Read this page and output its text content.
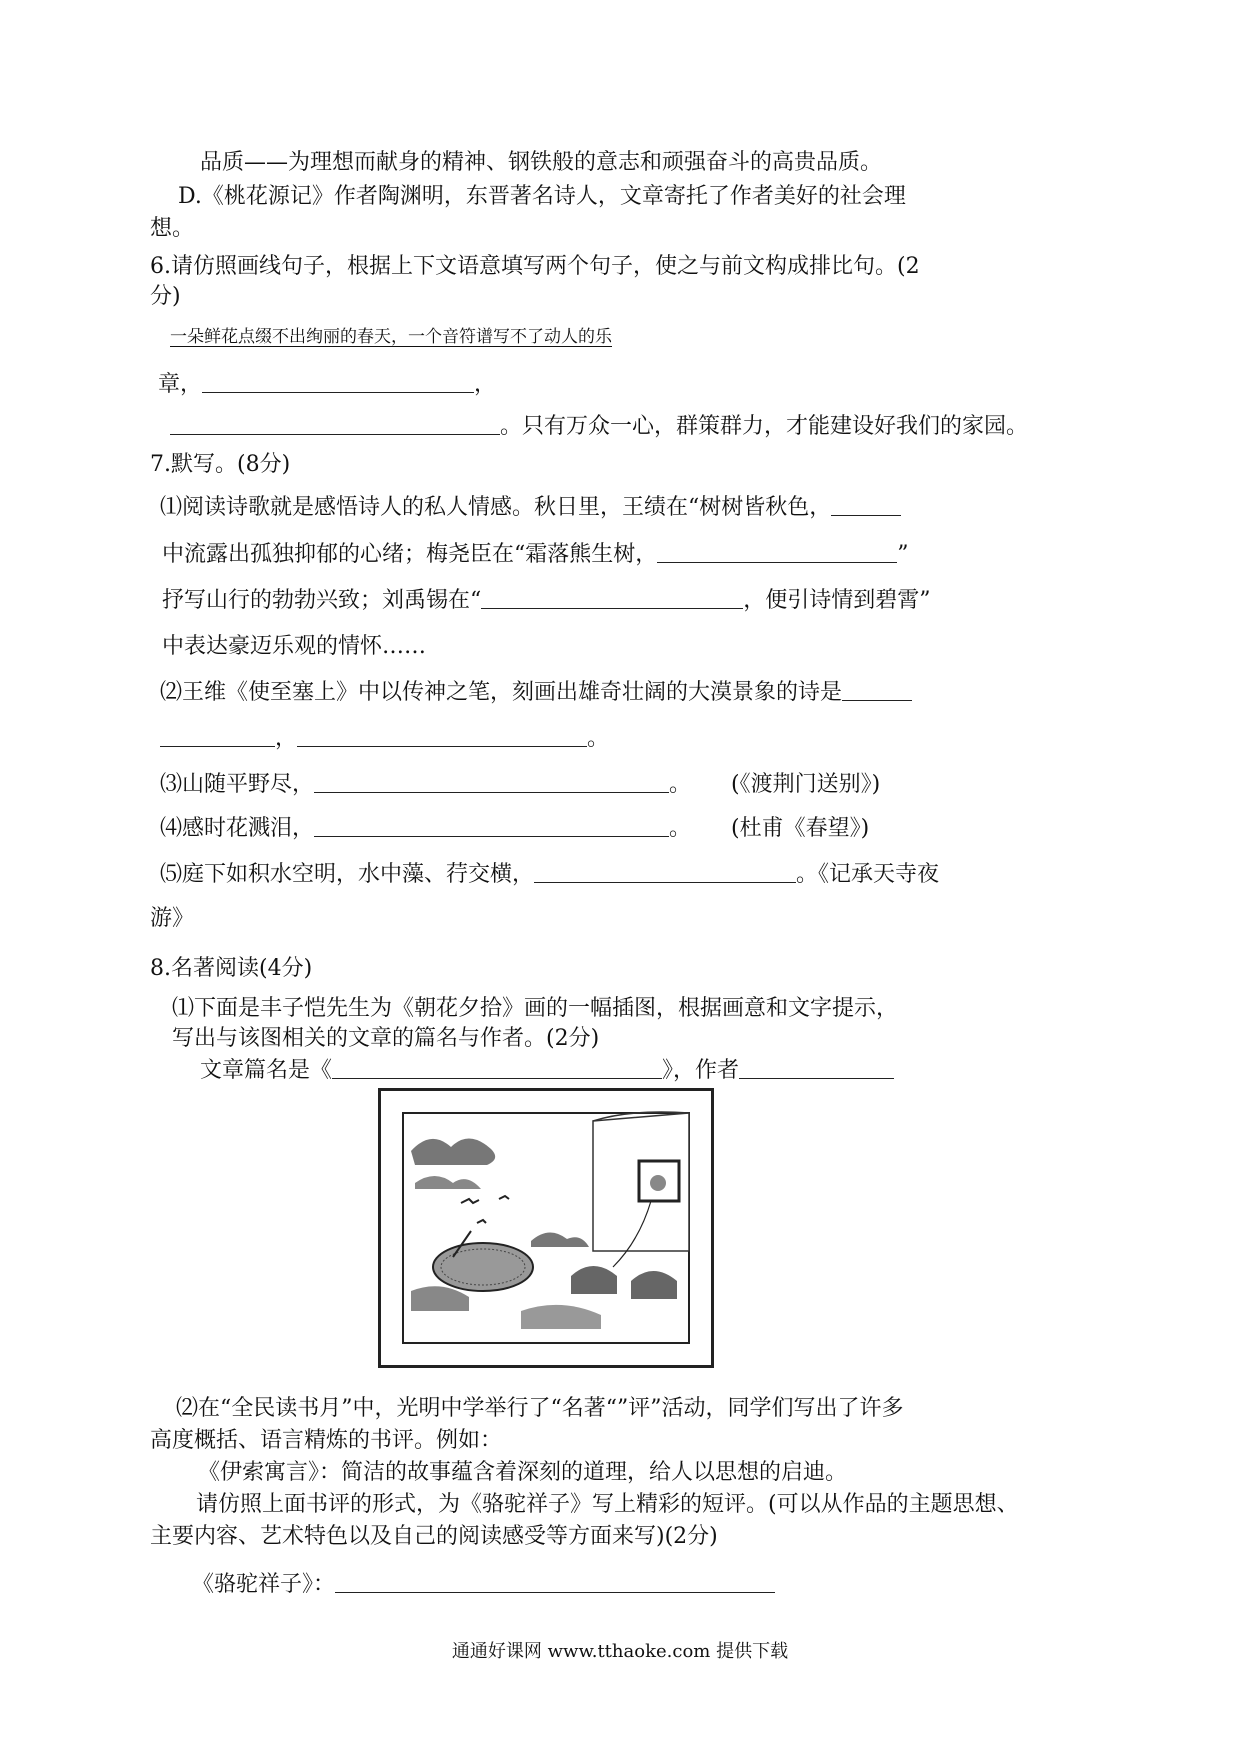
品质——为理想而献身的精神、钢铁般的意志和顽强奋斗的高贵品质。
D.《桃花源记》作者陶渊明，东晋著名诗人，文章寄托了作者美好的社会理
想。
6.请仿照画线句子，根据上下文语意填写两个句子，使之与前文构成排比句。(2
分)
一朵鲜花点缀不出绚丽的春天，一个音符谱写不了动人的乐
章，	，
。只有万众一心，群策群力，才能建设好我们的家园。
7.默写。(8分)
⑴阅读诗歌就是感悟诗人的私人情感。秋日里，王绩在“树树皆秋色，
中流露出孤独抑郁的心绪；梅尧臣在“霜落熊生树，	”
抒写山行的勃勃兴致；刘禹锡在“	，便引诗情到碧霄”
中表达豪迈乐观的情怀……
⑵王维《使至塞上》中以传神之笔，刻画出雄奇壮阔的大漠景象的诗是
，	。
⑶山随平野尽，	。 (《渡荆门送别》)
⑷感时花溅泪，	。 (杜甫《春望》)
⑸庭下如积水空明，水中藻、荇交横，	。《记承天寺夜
游》
8.名著阅读(4分)
⑴下面是丰子恺先生为《朝花夕拾》画的一幅插图，根据画意和文字提示，
写出与该图相关的文章的篇名与作者。(2分)
文章篇名是《	》，作者
⑵在“全民读书月”中，光明中学举行了“名著“”评”活动，同学们写出了许多
高度概括、语言精炼的书评。例如：
《伊索寓言》：简洁的故事蕴含着深刻的道理，给人以思想的启迪。
请仿照上面书评的形式，为《骆驼祥子》写上精彩的短评。(可以从作品的主题思想、
主要内容、艺术特色以及自己的阅读感受等方面来写)(2分)
《骆驼祥子》：
通通好课网 www.tthaoke.com 提供下载
